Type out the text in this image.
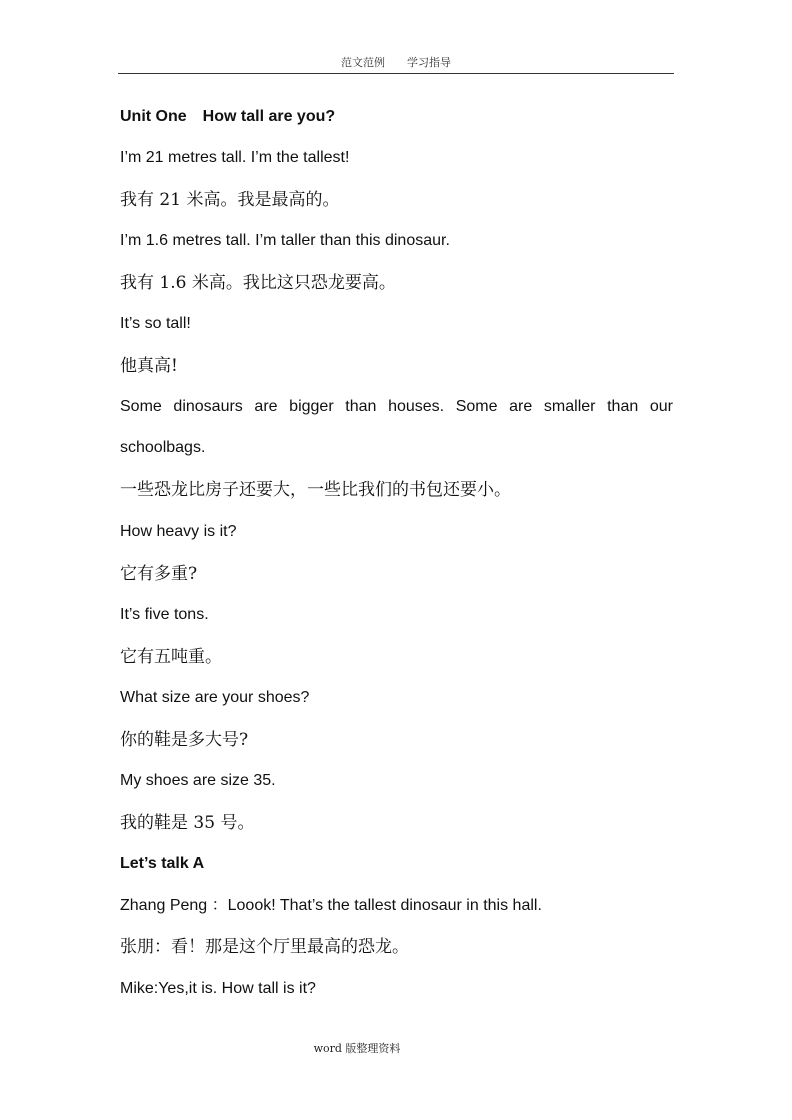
范文范例 学习指导
Unit One How tall are you?
I’m 21 metres tall. I’m the tallest!
我有 21 米高。我是最高的。
I’m 1.6 metres tall. I’m taller than this dinosaur.
我有 1.6 米高。我比这只恐龙要高。
It’s so tall!
他真高!
Some dinosaurs are bigger than houses. Some are smaller than our
schoolbags.
一些恐龙比房子还要大，一些比我们的书包还要小。
How heavy is it?
它有多重?
It’s five tons.
它有五吨重。
What size are your shoes?
你的鞋是多大号?
My shoes are size 35.
我的鞋是 35 号。
Let’s talk A
Zhang Peng ：Loook! That’s the tallest dinosaur in this hall.
张朋：看！那是这个厅里最高的恐龙。
Mike:Yes,it is. How tall is it?
word 版整理资料
